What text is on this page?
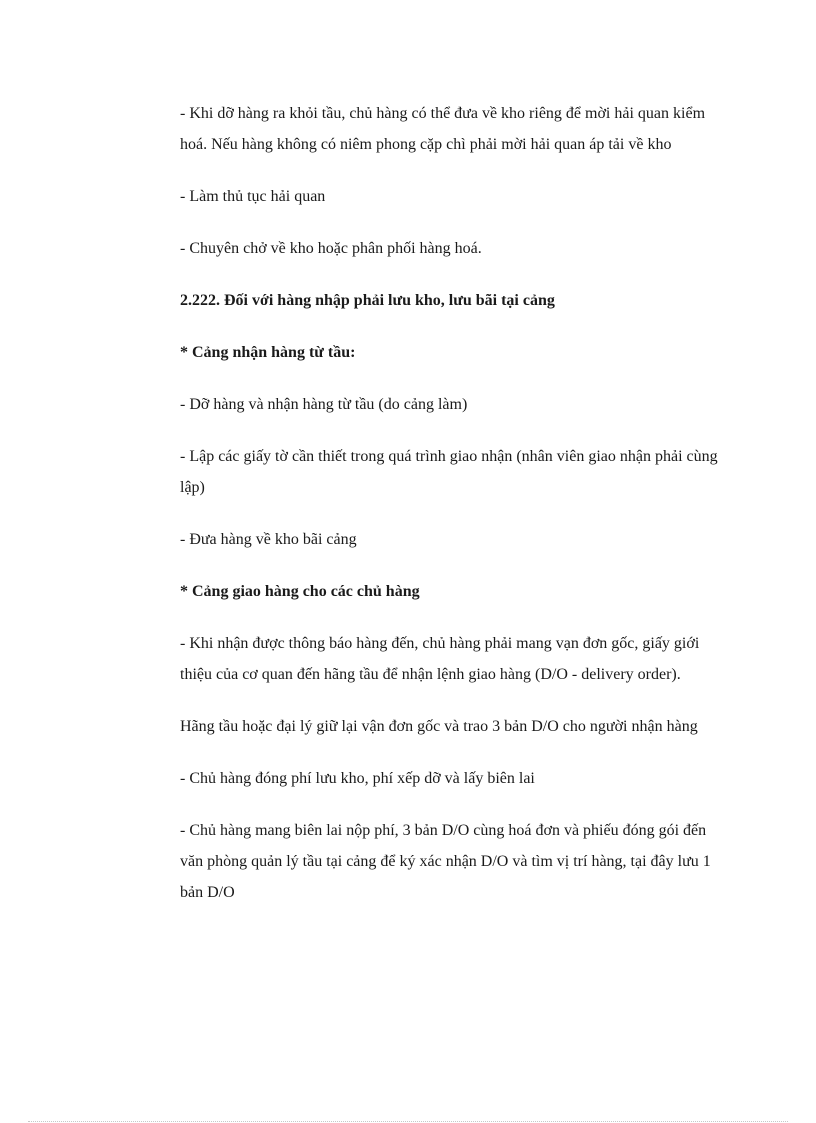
- Khi dỡ hàng ra khỏi tầu, chủ hàng có thể đưa về kho riêng để mời hải quan kiểm hoá. Nếu hàng không có niêm phong cặp chì phải mời hải quan áp tải về kho

- Làm thủ tục hải quan

- Chuyên chở về kho hoặc phân phối hàng hoá.

2.222. Đối với hàng nhập phải lưu kho, lưu bãi tại cảng

* Cảng nhận hàng từ tầu:

- Dỡ hàng và nhận hàng từ tầu (do cảng làm)

- Lập các giấy tờ cần thiết trong quá trình giao nhận (nhân viên giao nhận phải cùng lập)

- Đưa hàng về kho bãi cảng

* Cảng giao hàng cho các chủ hàng

- Khi nhận được thông báo hàng đến, chủ hàng phải mang vạn đơn gốc, giấy giới thiệu của cơ quan đến hãng tầu để nhận lệnh giao hàng (D/O - delivery order).

Hãng tầu hoặc đại lý giữ lại vận đơn gốc và trao 3 bản D/O cho người nhận hàng

- Chủ hàng đóng phí lưu kho, phí xếp dỡ và lấy biên lai

- Chủ hàng mang biên lai nộp phí, 3 bản D/O cùng hoá đơn và phiếu đóng gói đến văn phòng quản lý tầu tại cảng để ký xác nhận D/O và tìm vị trí hàng, tại đây lưu 1 bản D/O
